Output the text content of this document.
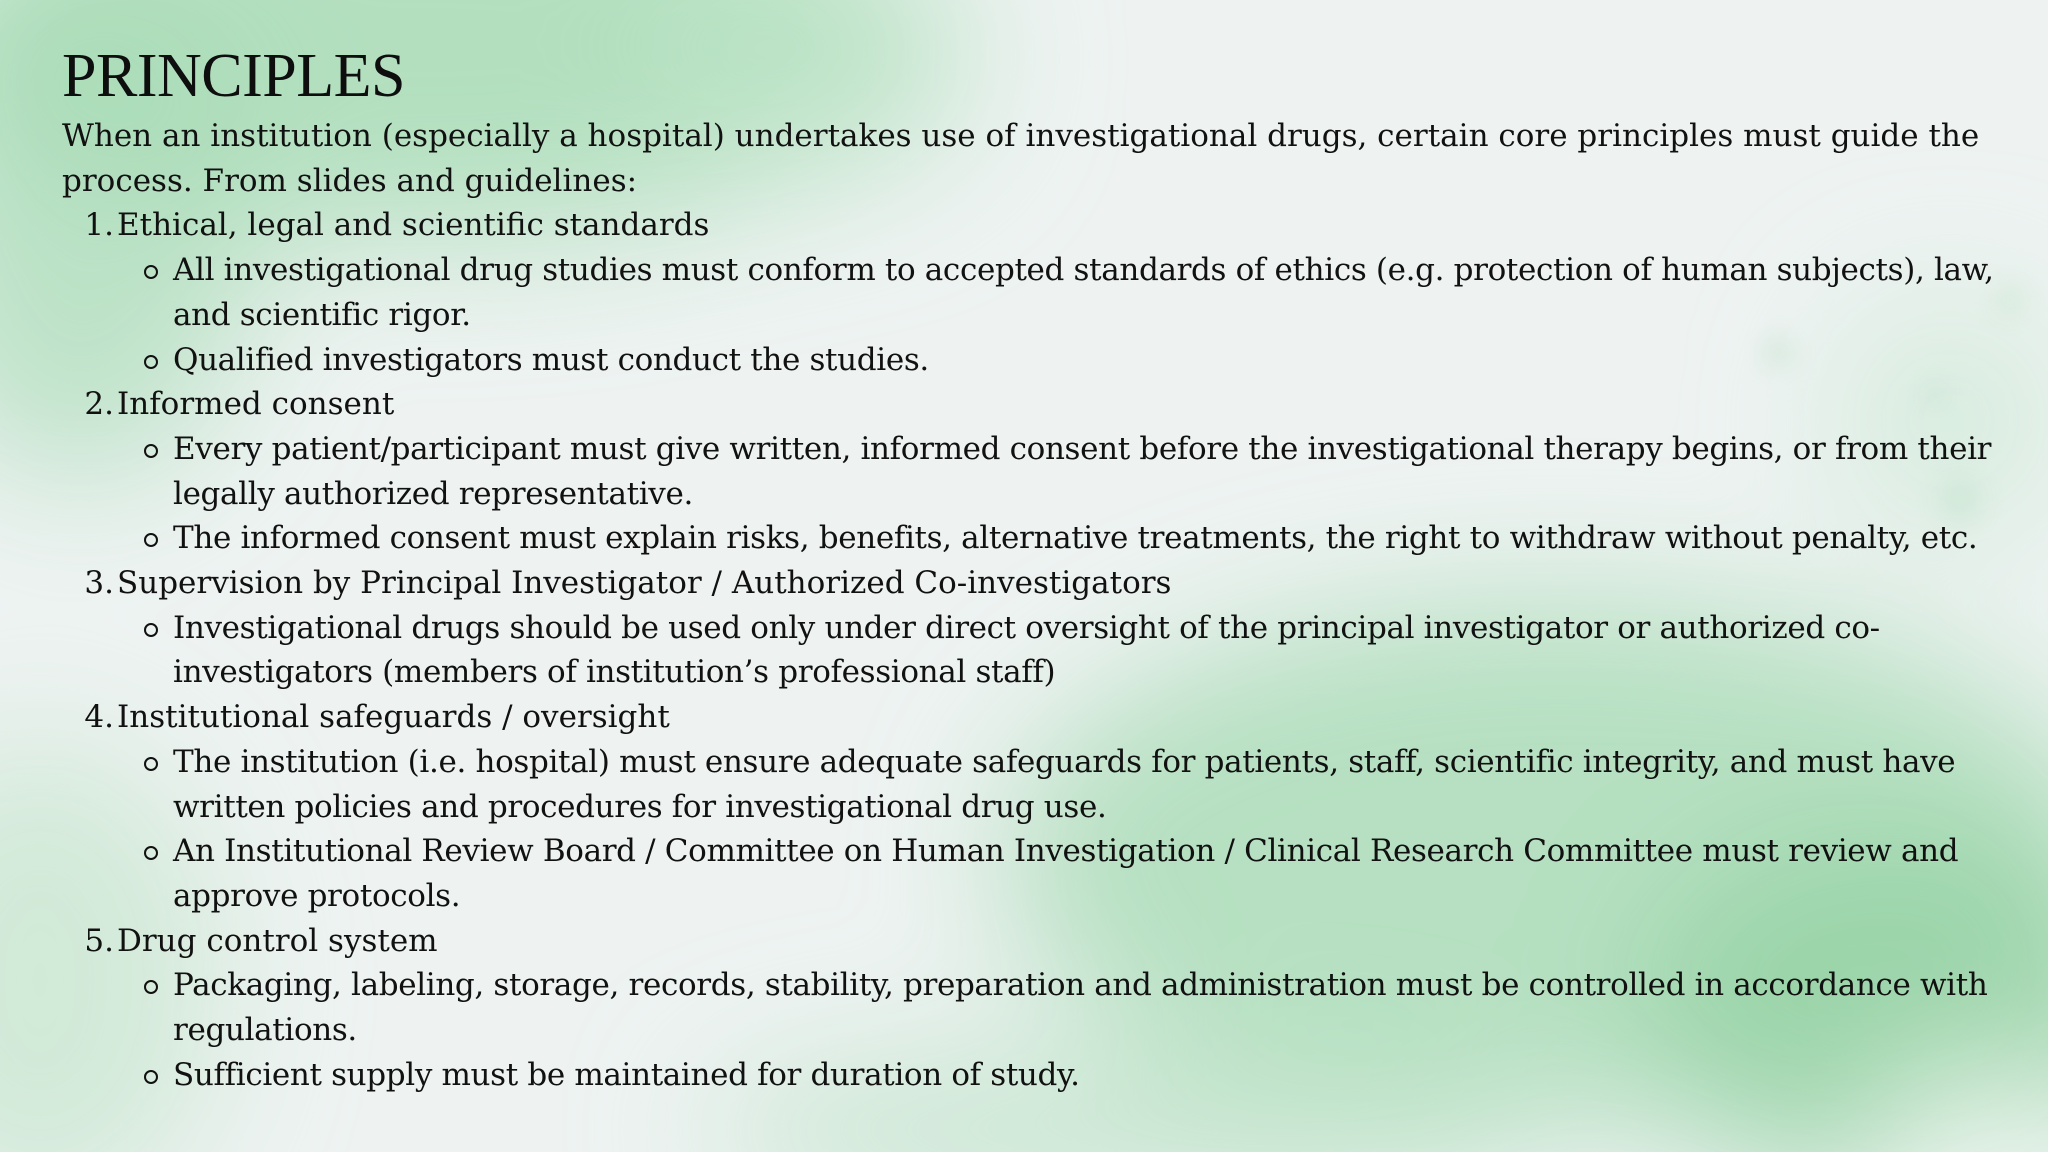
PRINCIPLES

When an institution (especially a hospital) undertakes use of investigational drugs, certain core principles must guide the process. From slides and guidelines:

1. Ethical, legal and scientific standards
All investigational drug studies must conform to accepted standards of ethics (e.g. protection of human subjects), law, and scientific rigor.
Qualified investigators must conduct the studies.
2. Informed consent
Every patient/participant must give written, informed consent before the investigational therapy begins, or from their legally authorized representative.
The informed consent must explain risks, benefits, alternative treatments, the right to withdraw without penalty, etc.
3. Supervision by Principal Investigator / Authorized Co-investigators
Investigational drugs should be used only under direct oversight of the principal investigator or authorized co-investigators (members of institution’s professional staff)
4. Institutional safeguards / oversight
The institution (i.e. hospital) must ensure adequate safeguards for patients, staff, scientific integrity, and must have written policies and procedures for investigational drug use.
An Institutional Review Board / Committee on Human Investigation / Clinical Research Committee must review and approve protocols.
5. Drug control system
Packaging, labeling, storage, records, stability, preparation and administration must be controlled in accordance with regulations.
Sufficient supply must be maintained for duration of study.
